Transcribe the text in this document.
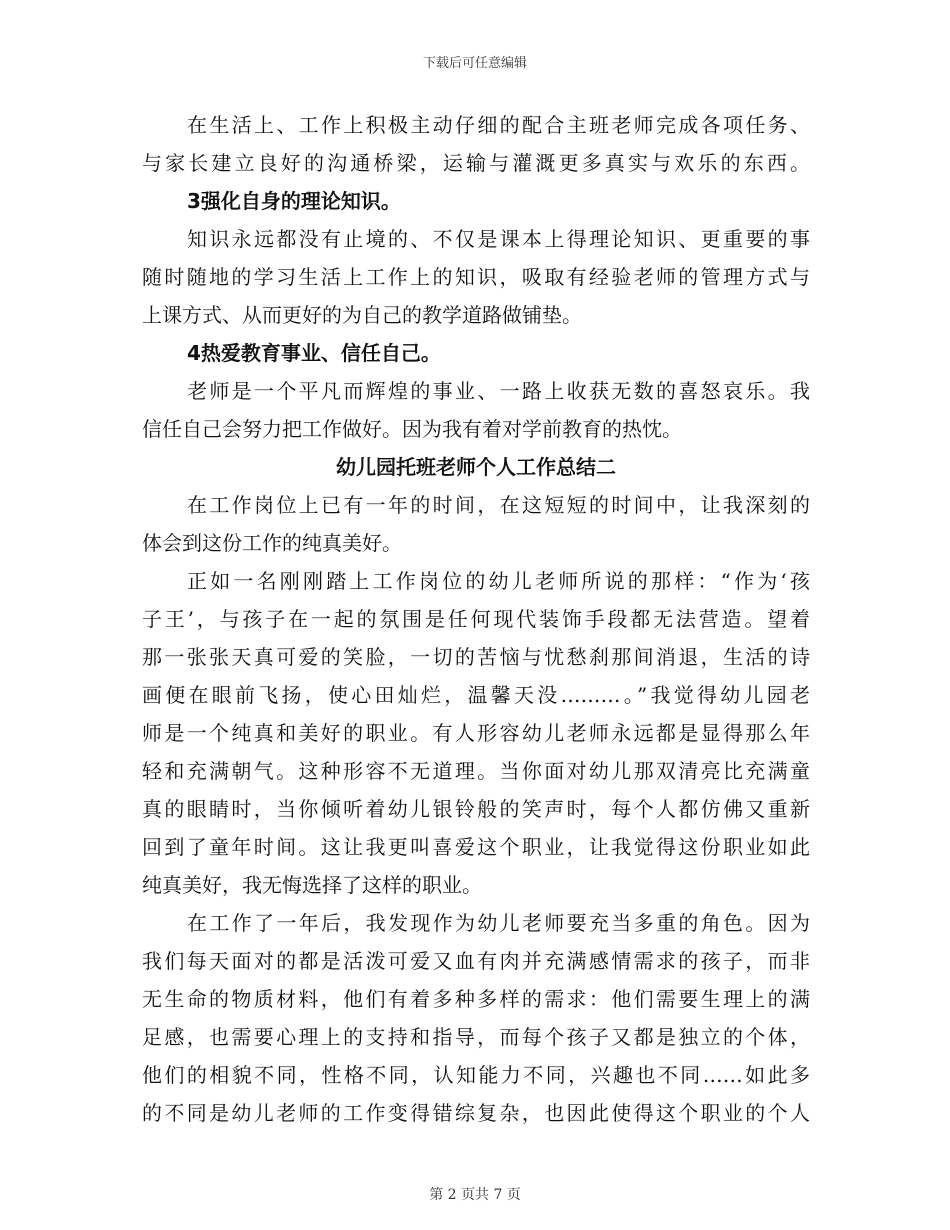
下载后可任意编辑
在生活上、工作上积极主动仔细的配合主班老师完成各项任务、
与家长建立良好的沟通桥梁，运输与灌溉更多真实与欢乐的东西。
3强化自身的理论知识。
知识永远都没有止境的、不仅是课本上得理论知识、更重要的事
随时随地的学习生活上工作上的知识，吸取有经验老师的管理方式与
上课方式、从而更好的为自己的教学道路做铺垫。
4热爱教育事业、信任自己。
老师是一个平凡而辉煌的事业、一路上收获无数的喜怒哀乐。我
信任自己会努力把工作做好。因为我有着对学前教育的热忱。
幼儿园托班老师个人工作总结二
在工作岗位上已有一年的时间，在这短短的时间中，让我深刻的
体会到这份工作的纯真美好。
正如一名刚刚踏上工作岗位的幼儿老师所说的那样：“作为‘孩
子王’，与孩子在一起的氛围是任何现代装饰手段都无法营造。望着
那一张张天真可爱的笑脸，一切的苦恼与忧愁刹那间消退，生活的诗
画便在眼前飞扬，使心田灿烂，温馨天没………。”我觉得幼儿园老
师是一个纯真和美好的职业。有人形容幼儿老师永远都是显得那么年
轻和充满朝气。这种形容不无道理。当你面对幼儿那双清亮比充满童
真的眼睛时，当你倾听着幼儿银铃般的笑声时，每个人都仿佛又重新
回到了童年时间。这让我更叫喜爱这个职业，让我觉得这份职业如此
纯真美好，我无悔选择了这样的职业。
在工作了一年后，我发现作为幼儿老师要充当多重的角色。因为
我们每天面对的都是活泼可爱又血有肉并充满感情需求的孩子，而非
无生命的物质材料，他们有着多种多样的需求：他们需要生理上的满
足感，也需要心理上的支持和指导，而每个孩子又都是独立的个体，
他们的相貌不同，性格不同，认知能力不同，兴趣也不同……如此多
的不同是幼儿老师的工作变得错综复杂，也因此使得这个职业的个人
第 2 页共 7 页
